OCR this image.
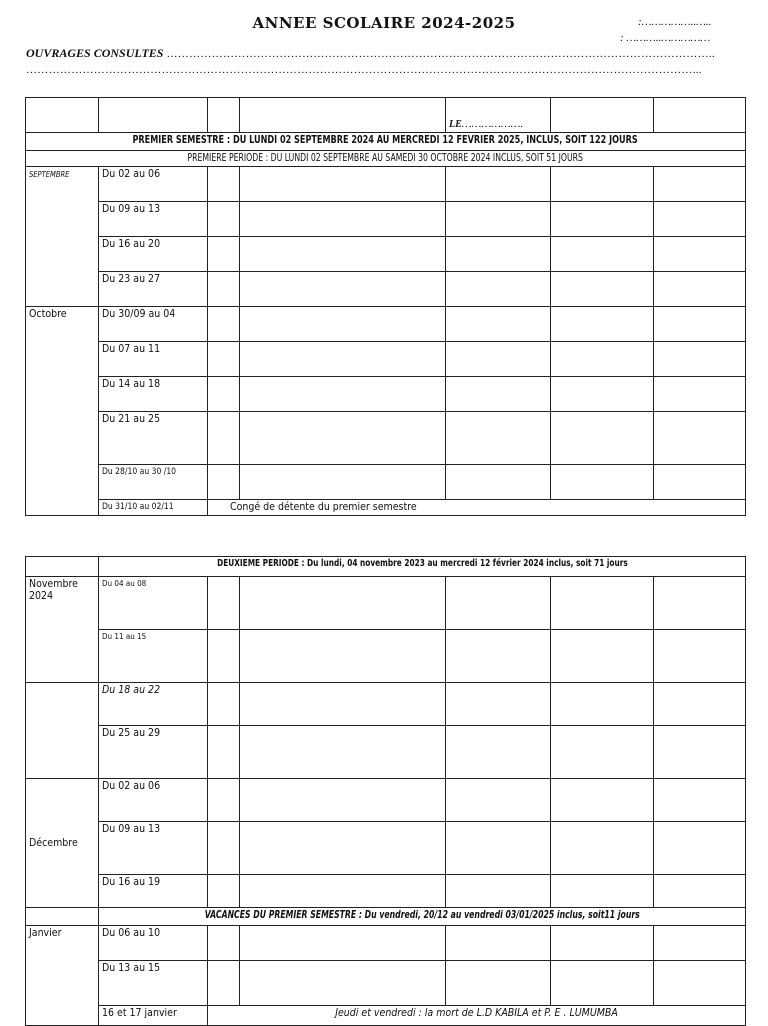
ANNEE SCOLAIRE 2024-2025	:……………..…..
: ………..……………
OUVRAGES CONSULTES ………………………………………………………………………………………………………………………………..
……………………………………………………………………………………………………………………………………………………………...
				LE……………….		
PREMIER SEMESTRE : DU LUNDI 02 SEPTEMBRE 2024 AU MERCREDI 12 FEVRIER 2025, INCLUS, SOIT 122 JOURS						
PREMIERE PERIODE : DU LUNDI 02 SEPTEMBRE AU SAMEDI 30 OCTOBRE 2024 INCLUS, SOIT 51 JOURS						
SEPTEMBRE	Du 02 au 06					
	Du 09 au 13					
	Du 16 au 20					
	Du 23 au 27					
Octobre	Du 30/09 au 04					
	Du 07 au 11					
	Du 14 au 18					
	Du 21 au 25					
	Du 28/10 au 30 /10					
	Du 31/10 au 02/11	Congé de détente du premier semestre				
	DEUXIEME PERIODE : Du lundi, 04 novembre 2023 au mercredi 12 février 2024 inclus, soit 71 jours					
Novembre 2024	Du 04 au 08					
	Du 11 au 15					
	Du 18 au 22					
	Du 25 au 29					
Décembre	Du 02 au 06					
	Du 09 au 13					
	Du 16 au 19					
	VACANCES DU PREMIER SEMESTRE : Du vendredi, 20/12 au vendredi 03/01/2025 inclus, soit11 jours					
Janvier	Du 06 au 10					
	Du 13 au 15					
	16 et 17 janvier	Jeudi et vendredi : la mort de L.D KABILA et P. E . LUMUMBA				
